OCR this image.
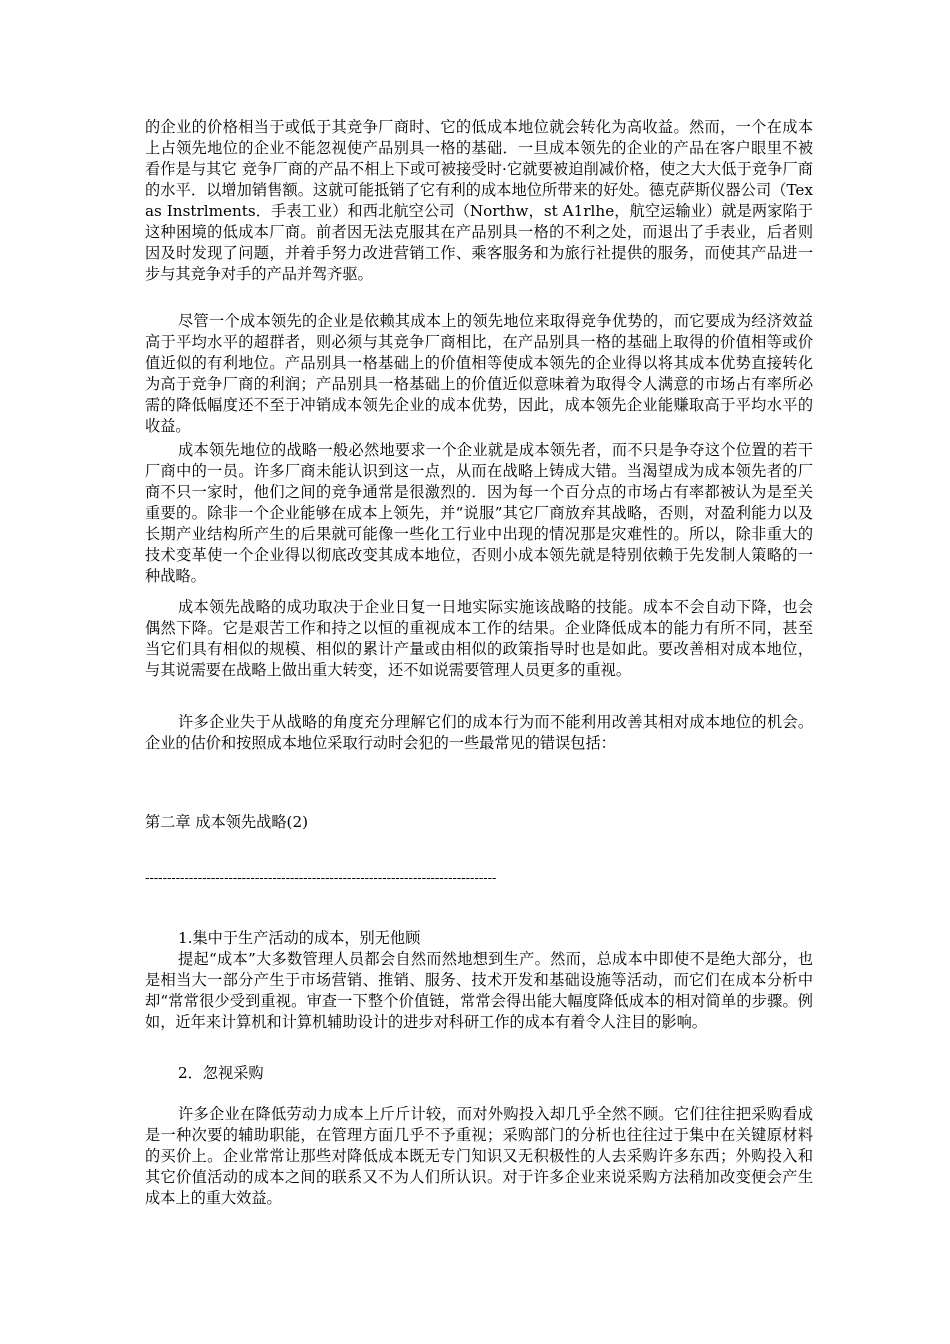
的企业的价格相当于或低于其竞争厂商时、它的低成本地位就会转化为高收益。然而，一个在成本上占领先地位的企业不能忽视使产品别具一格的基础．一旦成本领先的企业的产品在客户眼里不被看作是与其它 竞争厂商的产品不相上下或可被接受时·它就要被迫削减价格，使之大大低于竞争厂商的水平．以增加销售额。这就可能抵销了它有利的成本地位所带来的好处。德克萨斯仪器公司（Texas Instrlments．手表工业）和西北航空公司（Northw，st A1rlhe，航空运输业）就是两家陷于这种困境的低成本厂商。前者因无法克服其在产品别具一格的不利之处，而退出了手表业，后者则因及时发现了问题，并着手努力改进营销工作、乘客服务和为旅行社提供的服务，而使其产品进一步与其竞争对手的产品并驾齐驱。
尽管一个成本领先的企业是依赖其成本上的领先地位来取得竞争优势的，而它要成为经济效益高于平均水平的超群者，则必须与其竞争厂商相比，在产品别具一格的基础上取得的价值相等或价值近似的有利地位。产品别具一格基础上的价值相等使成本领先的企业得以将其成本优势直接转化为高于竞争厂商的利润；产品别具一格基础上的价值近似意味着为取得令人满意的市场占有率所必需的降低幅度还不至于冲销成本领先企业的成本优势，因此，成本领先企业能赚取高于平均水平的收益。
成本领先地位的战略一般必然地要求一个企业就是成本领先者，而不只是争夺这个位置的若干厂商中的一员。许多厂商未能认识到这一点，从而在战略上铸成大错。当渴望成为成本领先者的厂商不只一家时，他们之间的竞争通常是很激烈的．因为每一个百分点的市场占有率都被认为是至关重要的。除非一个企业能够在成本上领先，并“说服”其它厂商放弃其战略，否则，对盈利能力以及长期产业结构所产生的后果就可能像一些化工行业中出现的情况那是灾难性的。所以，除非重大的技术变革使一个企业得以彻底改变其成本地位，否则小成本领先就是特别依赖于先发制人策略的一种战略。
成本领先战略的成功取决于企业日复一日地实际实施该战略的技能。成本不会自动下降，也会偶然下降。它是艰苦工作和持之以恒的重视成本工作的结果。企业降低成本的能力有所不同，甚至当它们具有相似的规模、相似的累计产量或由相似的政策指导时也是如此。要改善相对成本地位，与其说需要在战略上做出重大转变，还不如说需要管理人员更多的重视。
许多企业失于从战略的角度充分理解它们的成本行为而不能利用改善其相对成本地位的机会。企业的估价和按照成本地位采取行动时会犯的一些最常见的错误包括：
第二章 成本领先战略(2)
--------------------------------------------------------------------------------
1.集中于生产活动的成本，别无他顾
提起“成本”大多数管理人员都会自然而然地想到生产。然而，总成本中即使不是绝大部分，也是相当大一部分产生于市场营销、推销、服务、技术开发和基础设施等活动，而它们在成本分析中却“常常很少受到重视。审查一下整个价值链，常常会得出能大幅度降低成本的相对简单的步骤。例如，近年来计算机和计算机辅助设计的进步对科研工作的成本有着令人注目的影响。
2．忽视采购
许多企业在降低劳动力成本上斤斤计较，而对外购投入却几乎全然不顾。它们往往把采购看成是一种次要的辅助职能，在管理方面几乎不予重视；采购部门的分析也往往过于集中在关键原材料的买价上。企业常常让那些对降低成本既无专门知识又无积极性的人去采购许多东西；外购投入和其它价值活动的成本之间的联系又不为人们所认识。对于许多企业来说采购方法稍加改变便会产生成本上的重大效益。
